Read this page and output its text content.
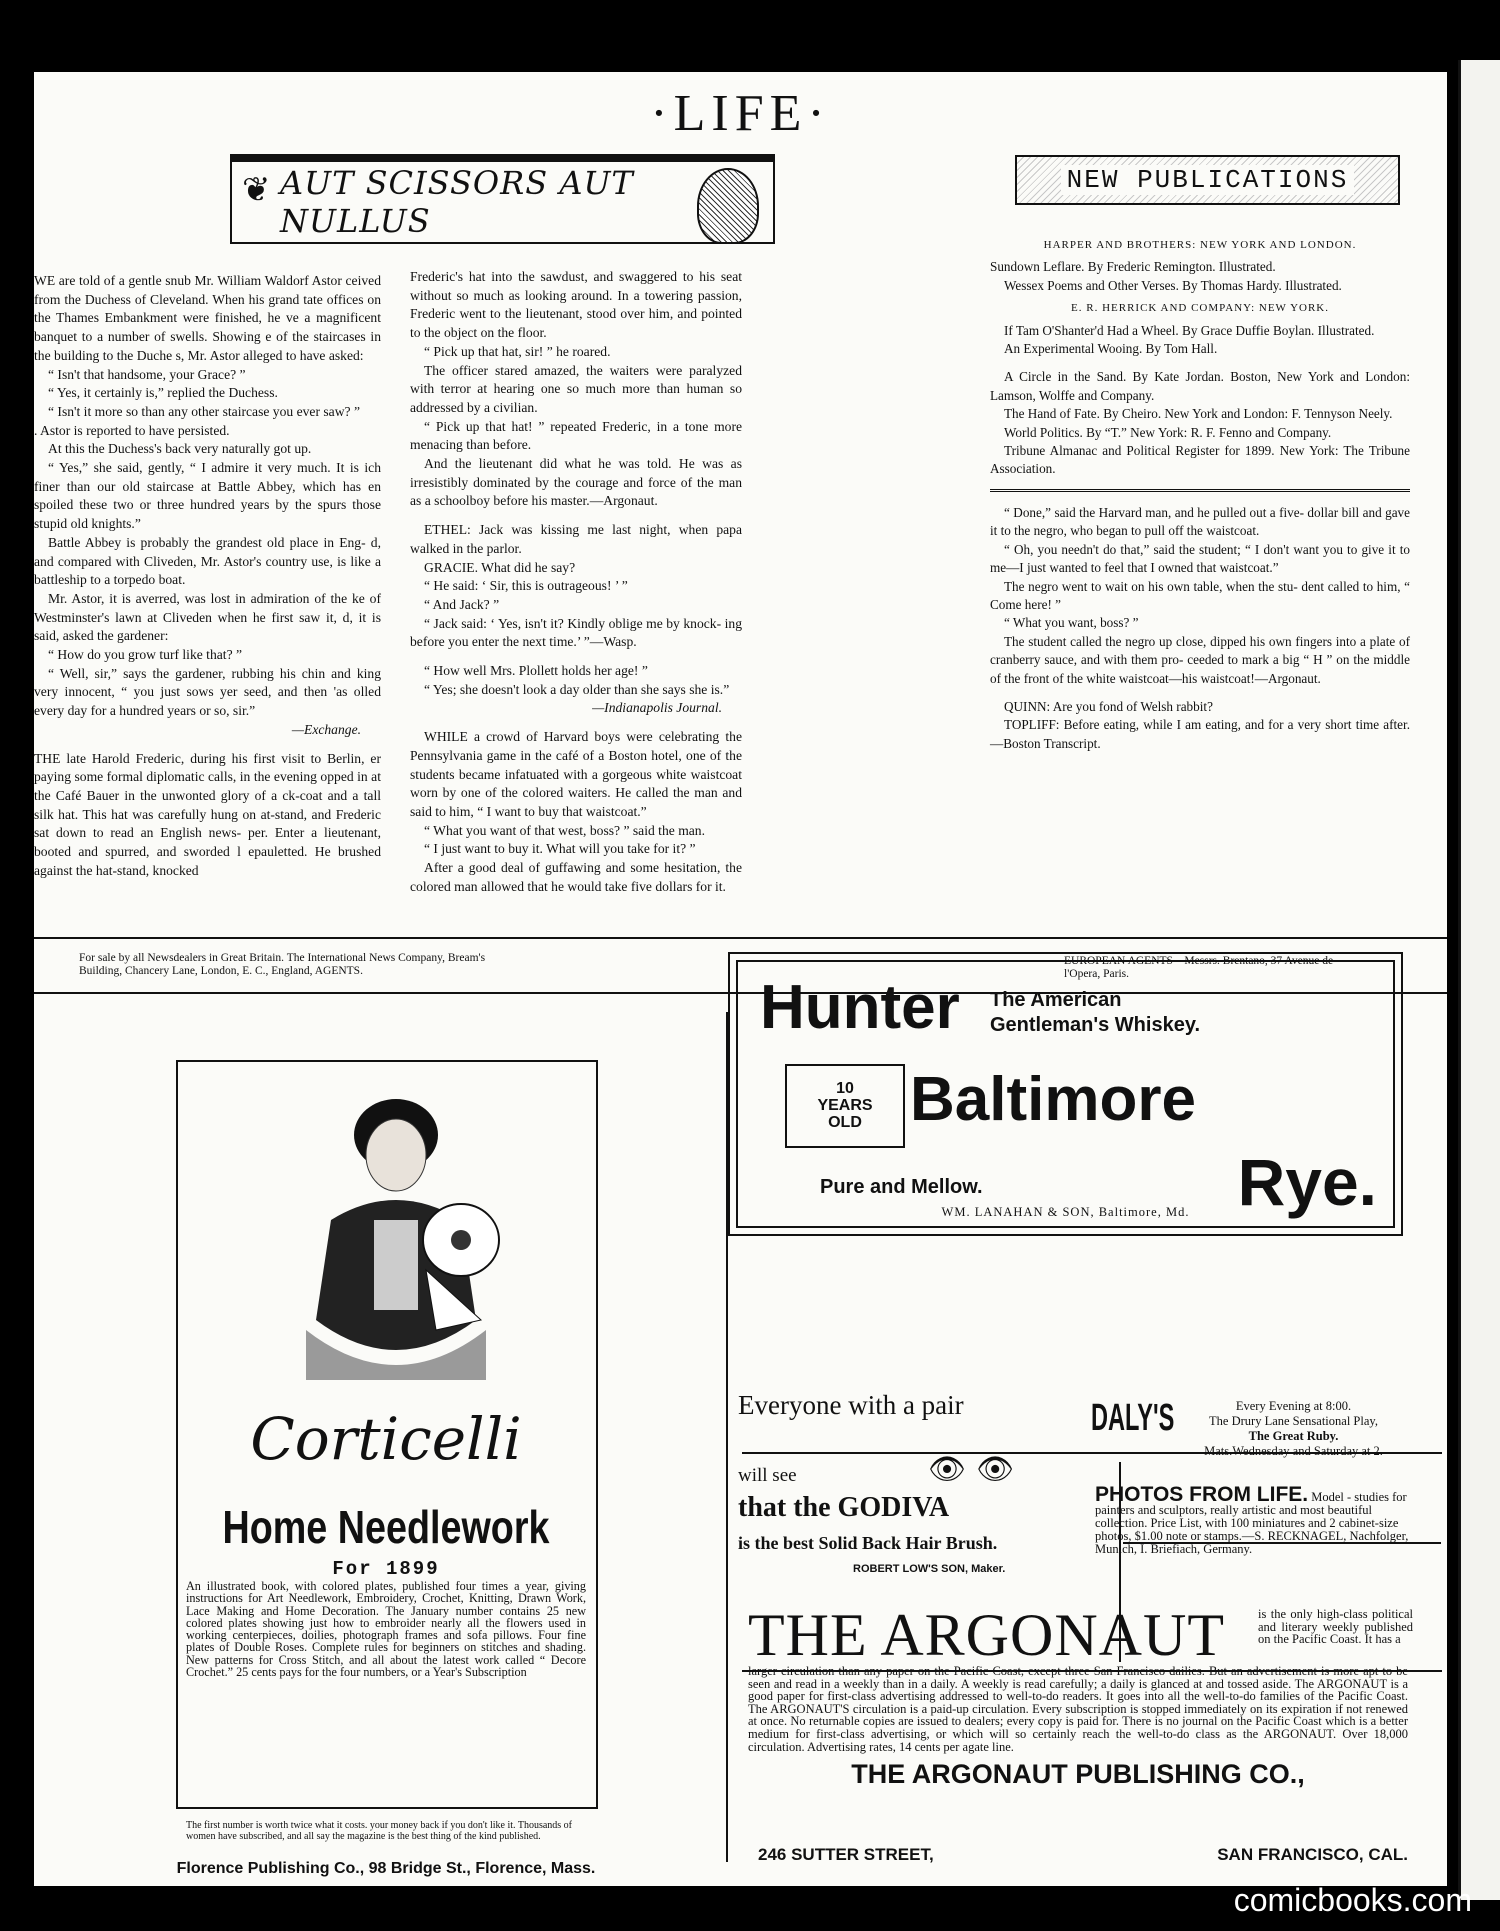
·LIFE·
❦ AUT SCISSORS AUT NULLUS
NEW PUBLICATIONS

WE are told of a gentle snub Mr. William Waldorf Astor ceived from the Duchess of Cleveland. When his grand tate offices on the Thames Embankment were finished, he ve a magnificent banquet to a number of swells. Showing e of the staircases in the building to the Duche s, Mr. Astor alleged to have asked:

“ Isn't that handsome, your Grace? ”

“ Yes, it certainly is,” replied the Duchess.

“ Isn't it more so than any other staircase you ever saw? ”

. Astor is reported to have persisted.

At this the Duchess's back very naturally got up.

“ Yes,” she said, gently, “ I admire it very much. It is ich finer than our old staircase at Battle Abbey, which has en spoiled these two or three hundred years by the spurs those stupid old knights.”

Battle Abbey is probably the grandest old place in Eng- d, and compared with Cliveden, Mr. Astor's country use, is like a battleship to a torpedo boat.

Mr. Astor, it is averred, was lost in admiration of the ke of Westminster's lawn at Cliveden when he first saw it, d, it is said, asked the gardener:

“ How do you grow turf like that? ”

“ Well, sir,” says the gardener, rubbing his chin and king very innocent, “ you just sows yer seed, and then 'as olled every day for a hundred years or so, sir.”

—Exchange.

THE late Harold Frederic, during his first visit to Berlin, er paying some formal diplomatic calls, in the evening opped in at the Café Bauer in the unwonted glory of a ck-coat and a tall silk hat. This hat was carefully hung on at-stand, and Frederic sat down to read an English news- per. Enter a lieutenant, booted and spurred, and sworded l epauletted. He brushed against the hat-stand, knocked

Frederic's hat into the sawdust, and swaggered to his seat without so much as looking around. In a towering passion, Frederic went to the lieutenant, stood over him, and pointed to the object on the floor.

“ Pick up that hat, sir! ” he roared.

The officer stared amazed, the waiters were paralyzed with terror at hearing one so much more than human so addressed by a civilian.

“ Pick up that hat! ” repeated Frederic, in a tone more menacing than before.

And the lieutenant did what he was told. He was as irresistibly dominated by the courage and force of the man as a schoolboy before his master.—Argonaut.

ETHEL: Jack was kissing me last night, when papa walked in the parlor.

GRACIE. What did he say?

“ He said: ‘ Sir, this is outrageous! ’ ”

“ And Jack? ”

“ Jack said: ‘ Yes, isn't it? Kindly oblige me by knock- ing before you enter the next time.’ ”—Wasp.

“ How well Mrs. Plollett holds her age! ”

“ Yes; she doesn't look a day older than she says she is.”

—Indianapolis Journal.

WHILE a crowd of Harvard boys were celebrating the Pennsylvania game in the café of a Boston hotel, one of the students became infatuated with a gorgeous white waistcoat worn by one of the colored waiters. He called the man and said to him, “ I want to buy that waistcoat.”

“ What you want of that west, boss? ” said the man.

“ I just want to buy it. What will you take for it? ”

After a good deal of guffawing and some hesitation, the colored man allowed that he would take five dollars for it.

HARPER AND BROTHERS: NEW YORK AND LONDON.

Sundown Leflare. By Frederic Remington. Illustrated.

Wessex Poems and Other Verses. By Thomas Hardy. Illustrated.

E. R. HERRICK AND COMPANY: NEW YORK.

If Tam O'Shanter'd Had a Wheel. By Grace Duffie Boylan. Illustrated.

An Experimental Wooing. By Tom Hall.

A Circle in the Sand. By Kate Jordan. Boston, New York and London: Lamson, Wolffe and Company.

The Hand of Fate. By Cheiro. New York and London: F. Tennyson Neely.

World Politics. By “T.” New York: R. F. Fenno and Company.

Tribune Almanac and Political Register for 1899. New York: The Tribune Association.

“ Done,” said the Harvard man, and he pulled out a five- dollar bill and gave it to the negro, who began to pull off the waistcoat.

“ Oh, you needn't do that,” said the student; “ I don't want you to give it to me—I just wanted to feel that I owned that waistcoat.”

The negro went to wait on his own table, when the stu- dent called to him, “ Come here! ”

“ What you want, boss? ”

The student called the negro up close, dipped his own fingers into a plate of cranberry sauce, and with them pro- ceeded to mark a big “ H ” on the middle of the front of the white waistcoat—his waistcoat!—Argonaut.

QUINN: Are you fond of Welsh rabbit?

TOPLIFF: Before eating, while I am eating, and for a very short time after.—Boston Transcript.

For sale by all Newsdealers in Great Britain. The International News Company, Bream's Building, Chancery Lane, London, E. C., England, AGENTS.
EUROPEAN AGENTS—Messrs. Brentano, 37 Avenue de l'Opera, Paris.
Corticelli
Home Needlework
For 1899
An illustrated book, with colored plates, published four times a year, giving instructions for Art Needlework, Embroidery, Crochet, Knitting, Drawn Work, Lace Making and Home Decoration. The January number contains 25 new colored plates showing just how to embroider nearly all the flowers used in working centerpieces, doilies, photograph frames and sofa pillows. Four fine plates of Double Roses. Complete rules for beginners on stitches and shading. New patterns for Cross Stitch, and all about the latest work called “ Decore Crochet.” 25 cents pays for the four numbers, or a Year's Subscription
The first number is worth twice what it costs. your money back if you don't like it. Thousands of women have subscribed, and all say the magazine is the best thing of the kind published.
Florence Publishing Co., 98 Bridge St., Florence, Mass.
Hunter The American
Gentleman's Whiskey.
10
YEARS
OLD Baltimore
Pure and Mellow.	Rye.
WM. LANAHAN & SON, Baltimore, Md.
Everyone with a pair
👁👁
will see
that the GODIVA
is the best Solid Back Hair Brush.
ROBERT LOW'S SON, Maker.
DALY'S	Every Evening at 8:00.
The Drury Lane Sensational Play,
The Great Ruby.
Mats.Wednesday and Saturday at 2.
PHOTOS FROM LIFE. Model - studies for painters and sculptors, really artistic and most beautiful collection. Price List, with 100 miniatures and 2 cabinet-size photos, $1.00 note or stamps.—S. RECKNAGEL, Nachfolger, Munich, I. Briefiach, Germany.
THE ARGONAUT	is the only high-class political and literary weekly published on the Pacific Coast. It has a
larger circulation than any paper on the Pacific Coast, except three San Francisco dailies. But an advertisement is more apt to be seen and read in a weekly than in a daily. A weekly is read carefully; a daily is glanced at and tossed aside. The ARGONAUT is a good paper for first-class advertising addressed to well-to-do readers. It goes into all the well-to-do families of the Pacific Coast. The ARGONAUT'S circulation is a paid-up circulation. Every subscription is stopped immediately on its expiration if not renewed at once. No returnable copies are issued to dealers; every copy is paid for. There is no journal on the Pacific Coast which is a better medium for first-class advertising, or which will so certainly reach the well-to-do class as the ARGONAUT. Over 18,000 circulation. Advertising rates, 14 cents per agate line.
THE ARGONAUT PUBLISHING CO.,
246 SUTTER STREET,	SAN FRANCISCO, CAL.
comicbooks.com
